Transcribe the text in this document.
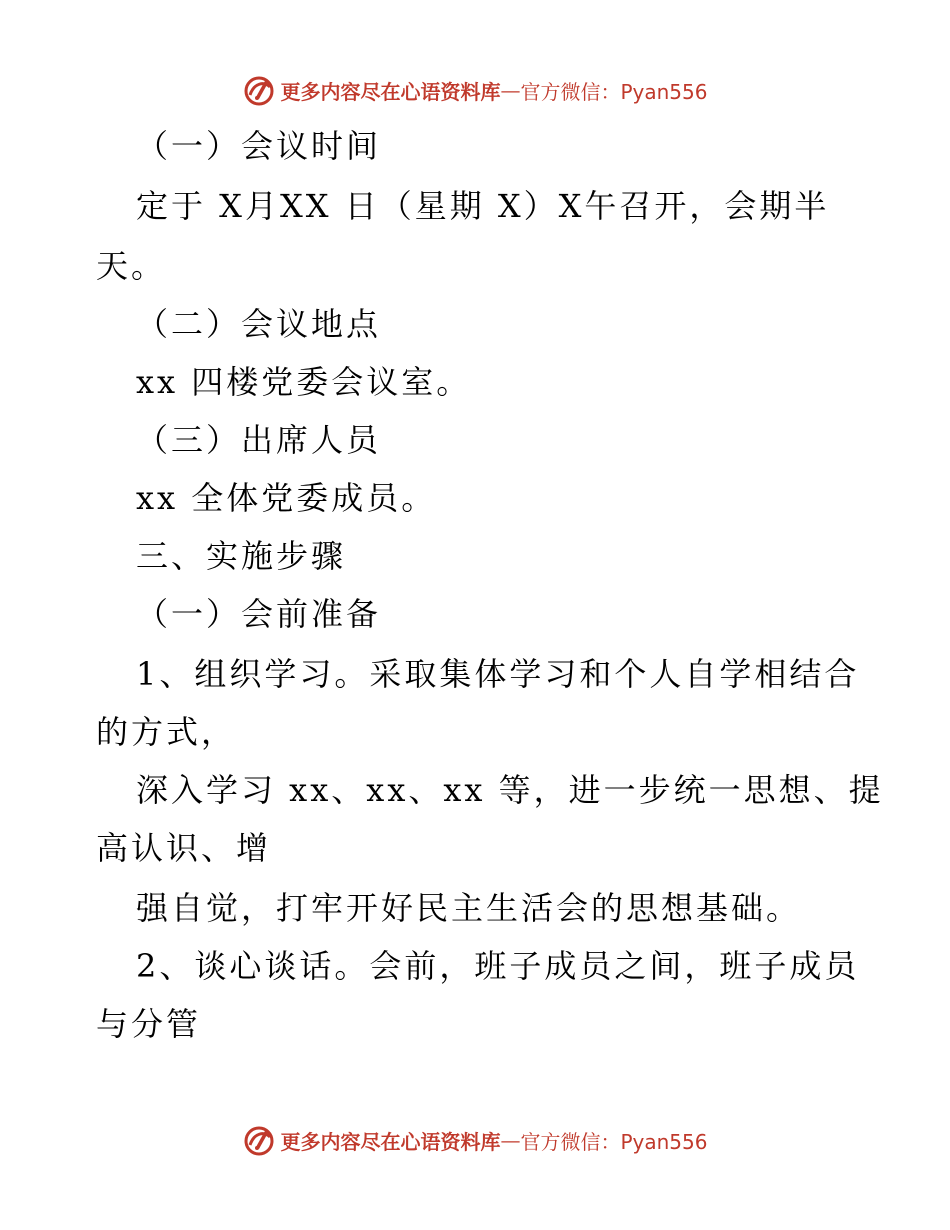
更多内容尽在心语资料库 — 官方微信：Pyan556
（一）会议时间
定于 X月XX 日（星期 X）X午召开，会期半
天。
（二）会议地点
xx 四楼党委会议室。
（三）出席人员
xx 全体党委成员。
三、实施步骤
（一）会前准备
1、组织学习。采取集体学习和个人自学相结合
的方式，
深入学习 xx、xx、xx 等，进一步统一思想、提
高认识、增
强自觉，打牢开好民主生活会的思想基础。
2、谈心谈话。会前，班子成员之间，班子成员
与分管
更多内容尽在心语资料库 — 官方微信：Pyan556
